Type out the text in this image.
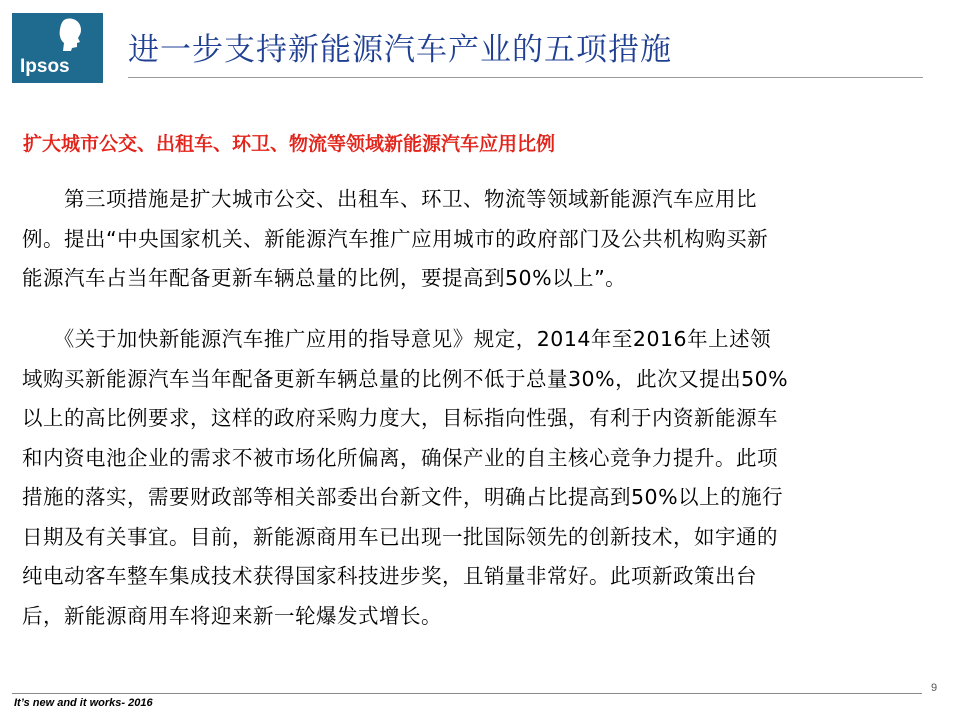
Ipsos 进一步支持新能源汽车产业的五项措施
扩大城市公交、出租车、环卫、物流等领域新能源汽车应用比例
　　第三项措施是扩大城市公交、出租车、环卫、物流等领域新能源汽车应用比
例。提出“中央国家机关、新能源汽车推广应用城市的政府部门及公共机构购买新
能源汽车占当年配备更新车辆总量的比例，要提高到50%以上”。
　　《关于加快新能源汽车推广应用的指导意见》规定，2014年至2016年上述领
域购买新能源汽车当年配备更新车辆总量的比例不低于总量30%，此次又提出50%
以上的高比例要求，这样的政府采购力度大，目标指向性强，有利于内资新能源车
和内资电池企业的需求不被市场化所偏离，确保产业的自主核心竞争力提升。此项
措施的落实，需要财政部等相关部委出台新文件，明确占比提高到50%以上的施行
日期及有关事宜。目前，新能源商用车已出现一批国际领先的创新技术，如宇通的
纯电动客车整车集成技术获得国家科技进步奖，且销量非常好。此项新政策出台
后，新能源商用车将迎来新一轮爆发式增长。
It’s new and it works- 2016
9
